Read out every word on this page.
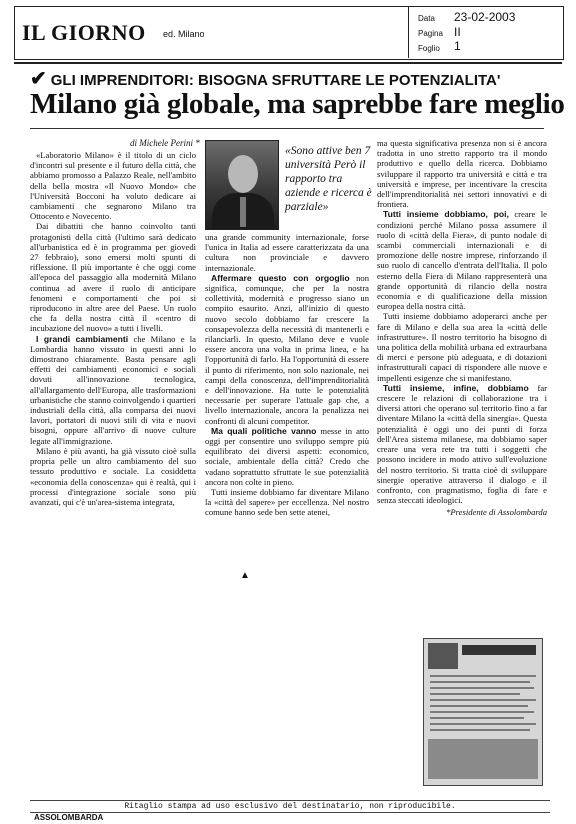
IL GIORNO ed. Milano
Data 23-02-2003
Pagina II
Foglio 1
✔ GLI IMPRENDITORI: BISOGNA SFRUTTARE LE POTENZIALITA'
Milano già globale, ma saprebbe fare meglio
di Michele Perini *

«Laboratorio Milano» è il titolo di un ciclo d'incontri sul presente e il futuro della città, che abbiamo promosso a Palazzo Reale, nell'ambito della bella mostra «Il Nuovo Mondo» che l'Università Bocconi ha voluto dedicare ai cambiamenti che segnarono Milano tra Ottocento e Novecento.

Dai dibattiti che hanno coinvolto tanti protagonisti della città (l'ultimo sarà dedicato all'urbanistica ed è in programma per giovedì 27 febbraio), sono emersi molti spunti di riflessione. Il più importante è che oggi come all'epoca del passaggio alla modernità Milano continua ad avere il ruolo di anticipare fenomeni e comportamenti che poi si riproducono in altre aree del Paese. Un ruolo che fa della nostra città il «centro di incubazione del nuovo» a tutti i livelli.

I grandi cambiamenti che Milano e la Lombardia hanno vissuto in questi anni lo dimostrano chiaramente. Basta pensare agli effetti dei cambiamenti economici e sociali dovuti all'innovazione tecnologica, all'allargamento dell'Europa, alle trasformazioni urbanistiche che stanno coinvolgendo i quartieri industriali della città, alla comparsa dei nuovi lavori, portatori di nuovi stili di vita e nuovi bisogni, oppure all'arrivo di nuove culture legate all'immigrazione.

Milano è più avanti, ha già vissuto cioè sulla propria pelle un altro cambiamento del suo tessuto produttivo e sociale. La cosiddetta «economia della conoscenza» qui è realtà, qui i processi d'integrazione sociale sono più avanzati, qui c'è un'area-sistema integrata,

«Sono attive ben 7 università Però il rapporto tra aziende e ricerca è parziale»

una grande community internazionale, forse l'unica in Italia ad essere caratterizzata da una cultura non provinciale e davvero internazionale.

Affermare questo con orgoglio non significa, comunque, che per la nostra collettività, modernità e progresso siano un compito esaurito. Anzi, all'inizio di questo nuovo secolo dobbiamo far crescere la consapevolezza della necessità di mantenerli e rilanciarli. In questo, Milano deve e vuole essere ancora una volta in prima linea, e ha l'opportunità di farlo. Ha l'opportunità di essere il punto di riferimento, non solo nazionale, nei campi della conoscenza, dell'imprenditorialità e dell'innovazione. Ha tutte le potenzialità necessarie per superare l'attuale gap che, a livello internazionale, ancora la penalizza nei confronti di alcuni competitor.

Ma quali politiche vanno messe in atto oggi per consentire uno sviluppo sempre più equilibrato dei diversi aspetti: economico, sociale, ambientale della città? Credo che vadano soprattutto sfruttate le sue potenzialità ancora non colte in pieno.

Tutti insieme dobbiamo far diventare Milano la «città del sapere» per eccellenza. Nel nostro comune hanno sede ben sette atenei,

ma questa significativa presenza non si è ancora tradotta in uno stretto rapporto tra il mondo produttivo e quello della ricerca. Dobbiamo sviluppare il rapporto tra università e città e tra università e imprese, per incentivare la crescita dell'imprenditorialità nei settori innovativi e di frontiera.

Tutti insieme dobbiamo, poi, creare le condizioni perché Milano possa assumere il ruolo di «città della Fiera», di punto nodale di scambi commerciali internazionali e di promozione delle nostre imprese, rinforzando il suo ruolo di cancello d'entrata dell'Italia. Il polo esterno della Fiera di Milano rappresenterà una grande opportunità di rilancio della nostra economia e di qualificazione della mission europea della nostra città.

Tutti insieme dobbiamo adoperarci anche per fare di Milano e della sua area la «città delle infrastrutture». Il nostro territorio ha bisogno di una politica della mobilità urbana ed extraurbana di merci e persone più adeguata, e di dotazioni infrastrutturali capaci di rispondere alle nuove e impellenti esigenze che si manifestano.

Tutti insieme, infine, dobbiamo far crescere le relazioni di collaborazione tra i diversi attori che operano sul territorio fino a far diventare Milano la «città della sinergia». Questa potenzialità è oggi uno dei punti di forza dell'Area sistema milanese, ma dobbiamo saper creare una vera rete tra tutti i soggetti che possono incidere in modo attivo sull'evoluzione del nostro territorio. Si tratta cioè di sviluppare sinergie operative attraverso il dialogo e il confronto, con pragmatismo, foglia di fare e senza steccati ideologici.

*Presidente di Assolombarda

▲
Ritaglio stampa ad uso esclusivo del destinatario, non riproducibile.
ASSOLOMBARDA
